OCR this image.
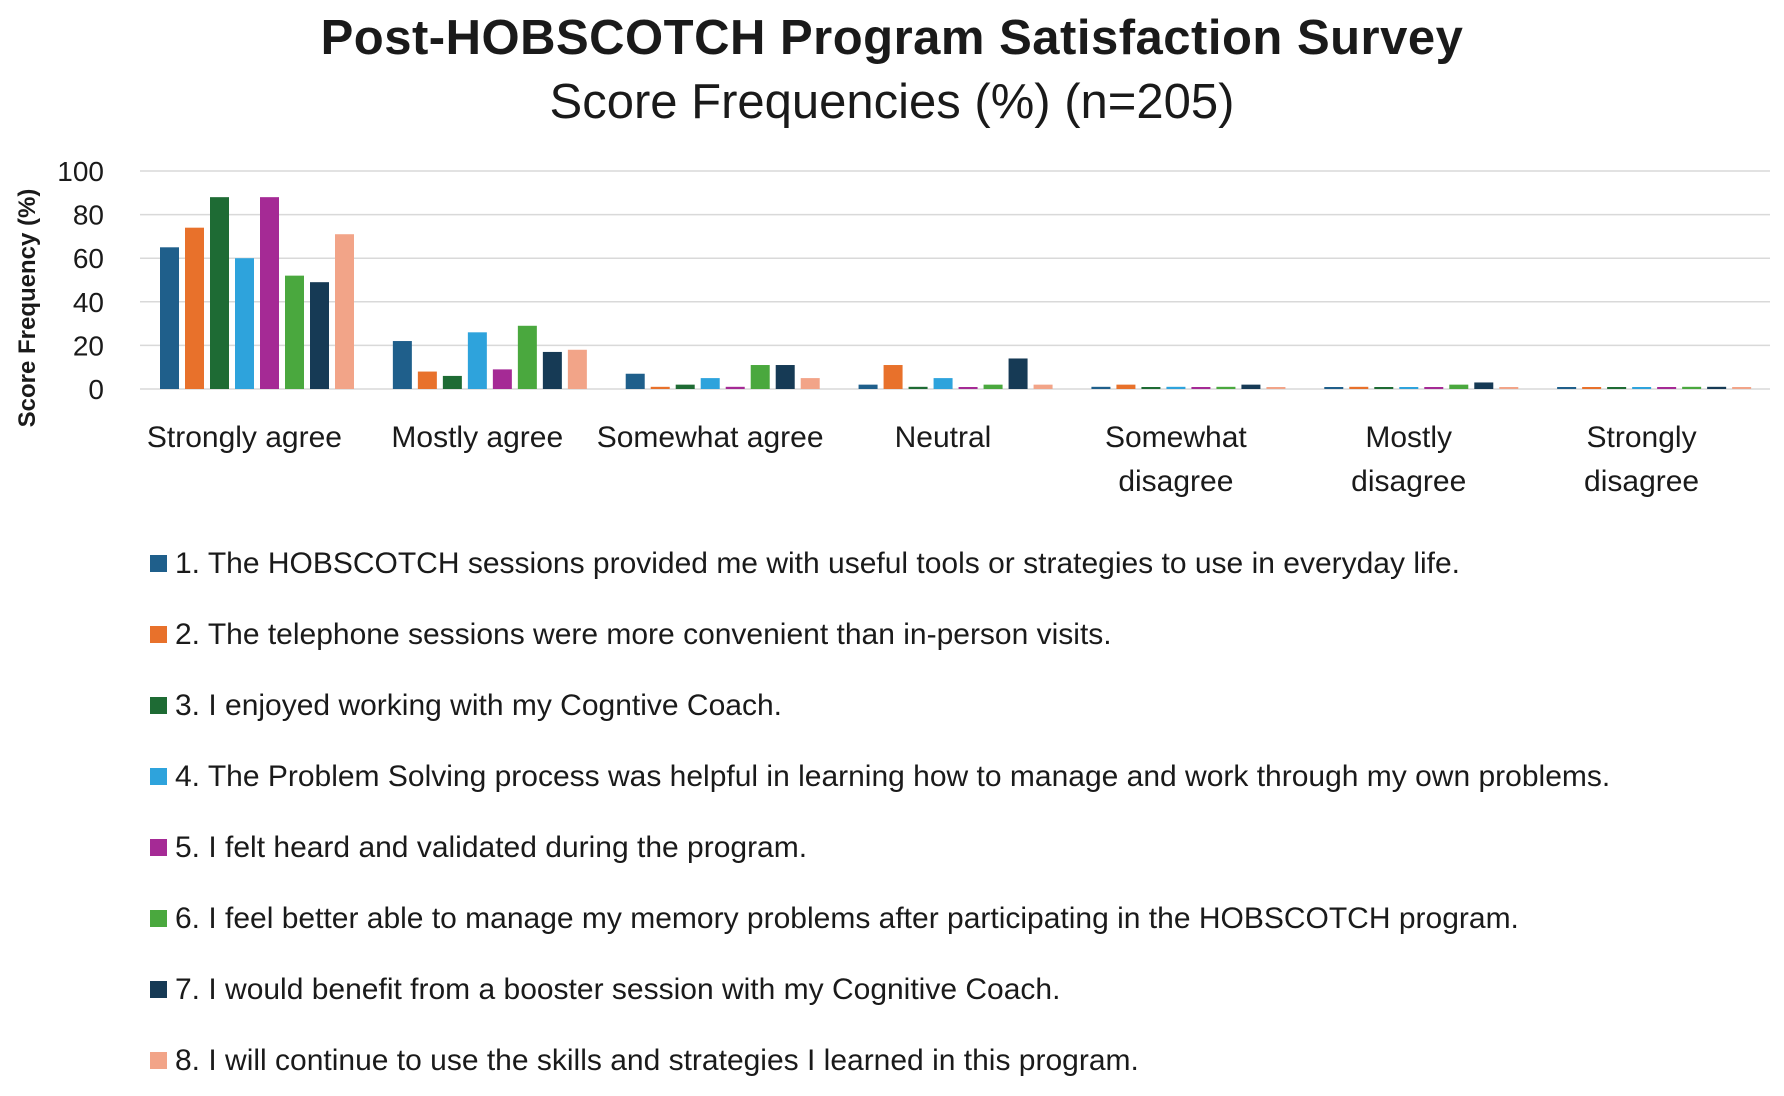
Post-HOBSCOTCH Program Satisfaction Survey
Score Frequencies (%) (n=205)
0
20
40
60
80
100
Strongly agree Mostly agree Somewhat agree Neutral	Somewhat disagree
Mostly disagree
Strongly disagree
Score Frequency (%)
1. The HOBSCOTCH sessions provided me with useful tools or strategies to use in everyday life.
2. The telephone sessions were more convenient than in-person visits.
3. I enjoyed working with my Cogntive Coach.
4. The Problem Solving process was helpful in learning how to manage and work through my own problems.
5. I felt heard and validated during the program.
6. I feel better able to manage my memory problems after participating in the HOBSCOTCH program.
7. I would benefit from a booster session with my Cognitive Coach.
8. I will continue to use the skills and strategies I learned in this program.
